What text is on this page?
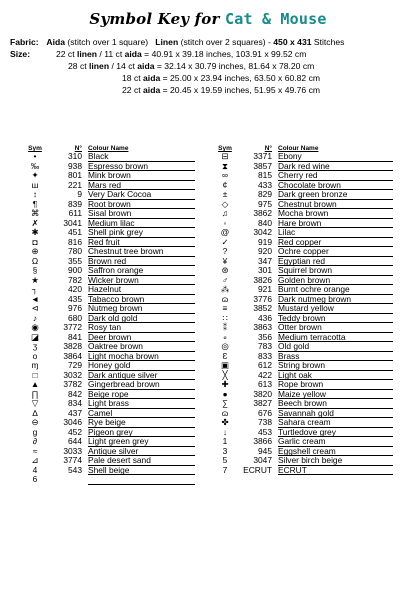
Symbol Key for Cat & Mouse
Fabric: Aida (stitch over 1 square) Linen (stitch over 2 squares) - 450 x 431 Stitches
Size:	22 ct linen / 11 ct aida = 40.91 x 39.18 inches, 103.91 x 99.52 cm
28 ct linen / 14 ct aida = 32.14 x 30.79 inches, 81.64 x 78.20 cm
18 ct aida = 25.00 x 23.94 inches, 63.50 x 60.82 cm
22 ct aida = 20.45 x 19.59 inches, 51.95 x 49.76 cm
Sym	N° Colour Name
•	310 Black
‰	938 Espresso brown
✦	801 Mink brown
ш	221 Mars red
↕	9 Very Dark Cocoa
¶	839 Root brown
⌘	611 Sisal brown
✗	3041 Medium lilac
✱	451 Shell pink grey
◘	816 Red fruit
⊕	780 Chestnut tree brown
Ω	355 Brown red
§	900 Saffron orange
★	782 Wicker brown
┐	420 Hazelnut
◄	435 Tabacco brown
⊲	976 Nutmeg brown
♪	680 Dark old gold
◉	3772 Rosy tan
◪	841 Deer brown
ʒ	3828 Oaktree brown
о	3864 Light mocha brown
ɱ	729 Honey gold
□	3032 Dark antique silver
▲	3782 Gingerbread brown
∏	842 Beige rope
▽	834 Light brass
∆	437 Camel
⊖	3046 Rye beige
g	452 Pigeon grey
∂	644 Light green grey
≈	3033 Antique silver
⊿	3774 Pale desert sand
4	543 Shell beige
6
Sym	N° Colour Name
⊟	3371 Ebony
⧗	3857 Dark red wine
∞	815 Cherry red
¢	433 Chocolate brown
±	829 Dark green bronze
◇	975 Chestnut brown
♫	3862 Mocha brown
◦	840 Hare brown
@	3042 Lilac
✓	919 Red copper
?	920 Ochre copper
¥	347 Egyptian red
⊛	301 Squirrel brown
♂	3826 Golden brown
⁂	921 Burnt ochre orange
ɷ	3776 Dark nutmeg brown
≡	3852 Mustard yellow
∷	436 Teddy brown
⁑	3863 Otter brown
∘	356 Medium terracotta
◎	783 Old gold
Ɛ	833 Brass
▣	612 String brown
╳	422 Light oak
✚	613 Rope brown
●	3820 Maize yellow
∑	3827 Beech brown
ɷ	676 Savannah gold
✤	738 Sahara cream
↓	453 Turtledove grey
1	3866 Garlic cream
3	945 Eggshell cream
5	3047 Silver birch beige
7	ECRUT ECRUT
